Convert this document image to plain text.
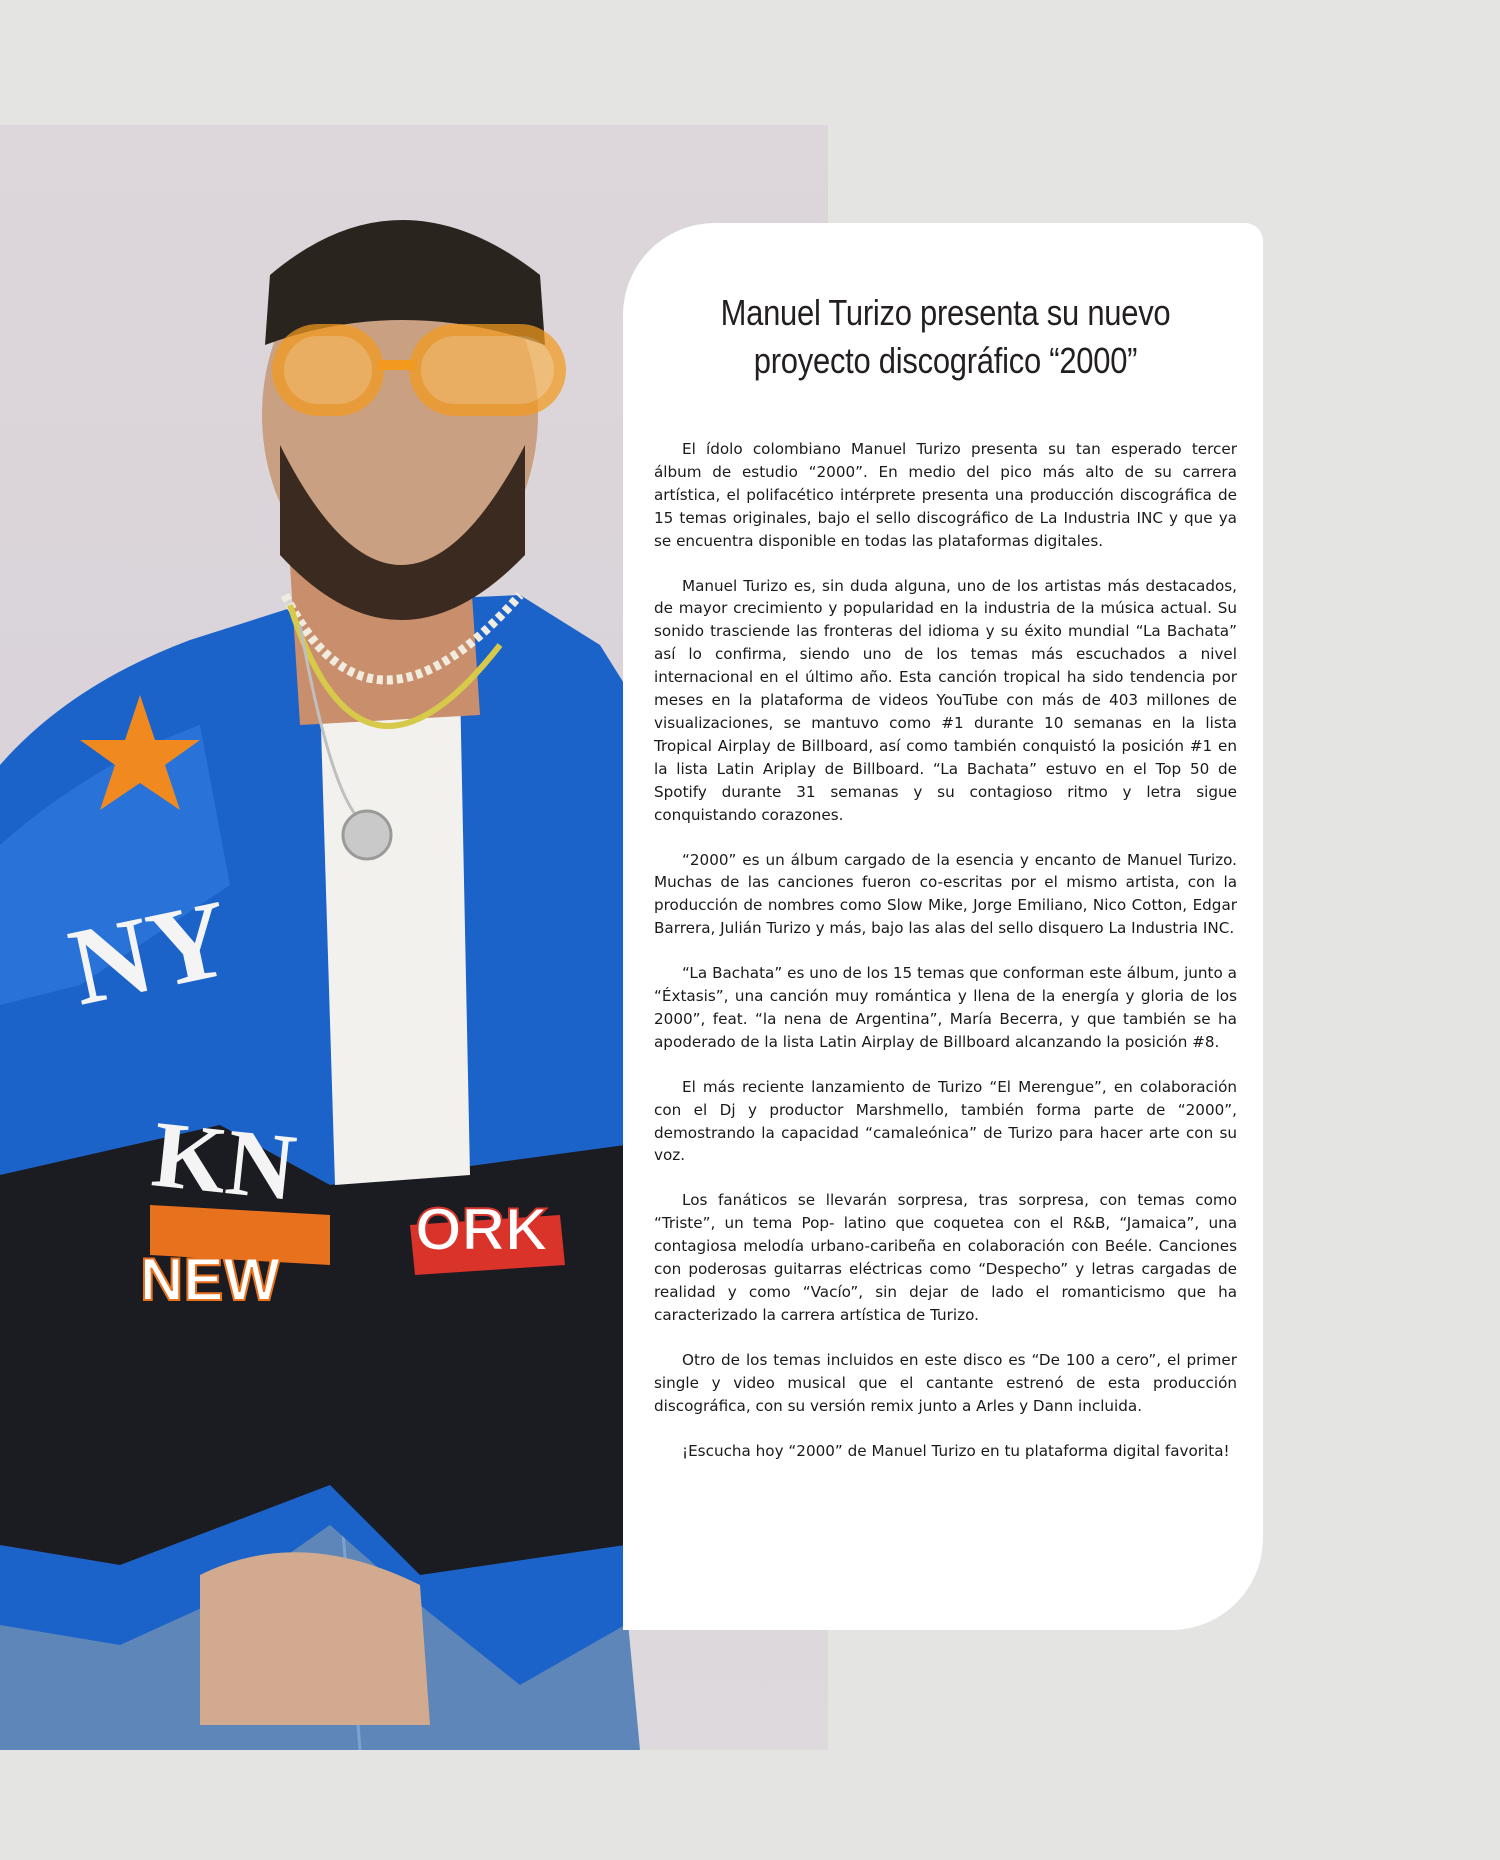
NY
KN
NEW
ORK
Manuel Turizo presenta su nuevo
proyecto discográfico “2000”

El ídolo colombiano Manuel Turizo presenta su tan esperado tercer álbum de estudio “2000”. En medio del pico más alto de su carrera artística, el polifacético intérprete presenta una producción discográfica de 15 temas originales, bajo el sello discográfico de La Industria INC y que ya se encuentra disponible en todas las plataformas digitales.

Manuel Turizo es, sin duda alguna, uno de los artistas más destacados, de mayor crecimiento y popularidad en la industria de la música actual. Su sonido trasciende las fronteras del idioma y su éxito mundial “La Bachata” así lo confirma, siendo uno de los temas más escuchados a nivel internacional en el último año. Esta canción tropical ha sido tendencia por meses en la plataforma de videos YouTube con más de 403 millones de visualizaciones, se mantuvo como #1 durante 10 semanas en la lista Tropical Airplay de Billboard, así como también conquistó la posición #1 en la lista Latin Ariplay de Billboard. “La Bachata” estuvo en el Top 50 de Spotify durante 31 semanas y su contagioso ritmo y letra sigue conquistando corazones.

“2000” es un álbum cargado de la esencia y encanto de Manuel Turizo. Muchas de las canciones fueron co-escritas por el mismo artista, con la producción de nombres como Slow Mike, Jorge Emiliano, Nico Cotton, Edgar Barrera, Julián Turizo y más, bajo las alas del sello disquero La Industria INC.

“La Bachata” es uno de los 15 temas que conforman este álbum, junto a “Éxtasis”, una canción muy romántica y llena de la energía y gloria de los 2000”, feat. “la nena de Argentina”, María Becerra, y que también se ha apoderado de la lista Latin Airplay de Billboard alcanzando la posición #8.

El más reciente lanzamiento de Turizo “El Merengue”, en colaboración con el Dj y productor Marshmello, también forma parte de “2000”, demostrando la capacidad “camaleónica” de Turizo para hacer arte con su voz.

Los fanáticos se llevarán sorpresa, tras sorpresa, con temas como “Triste”, un tema Pop- latino que coquetea con el R&B, “Jamaica”, una contagiosa melodía urbano-caribeña en colaboración con Beéle. Canciones con poderosas guitarras eléctricas como “Despecho” y letras cargadas de realidad y como “Vacío”, sin dejar de lado el romanticismo que ha caracterizado la carrera artística de Turizo.

Otro de los temas incluidos en este disco es “De 100 a cero”, el primer single y video musical que el cantante estrenó de esta producción discográfica, con su versión remix junto a Arles y Dann incluida.

¡Escucha hoy “2000” de Manuel Turizo en tu plataforma digital favorita!
